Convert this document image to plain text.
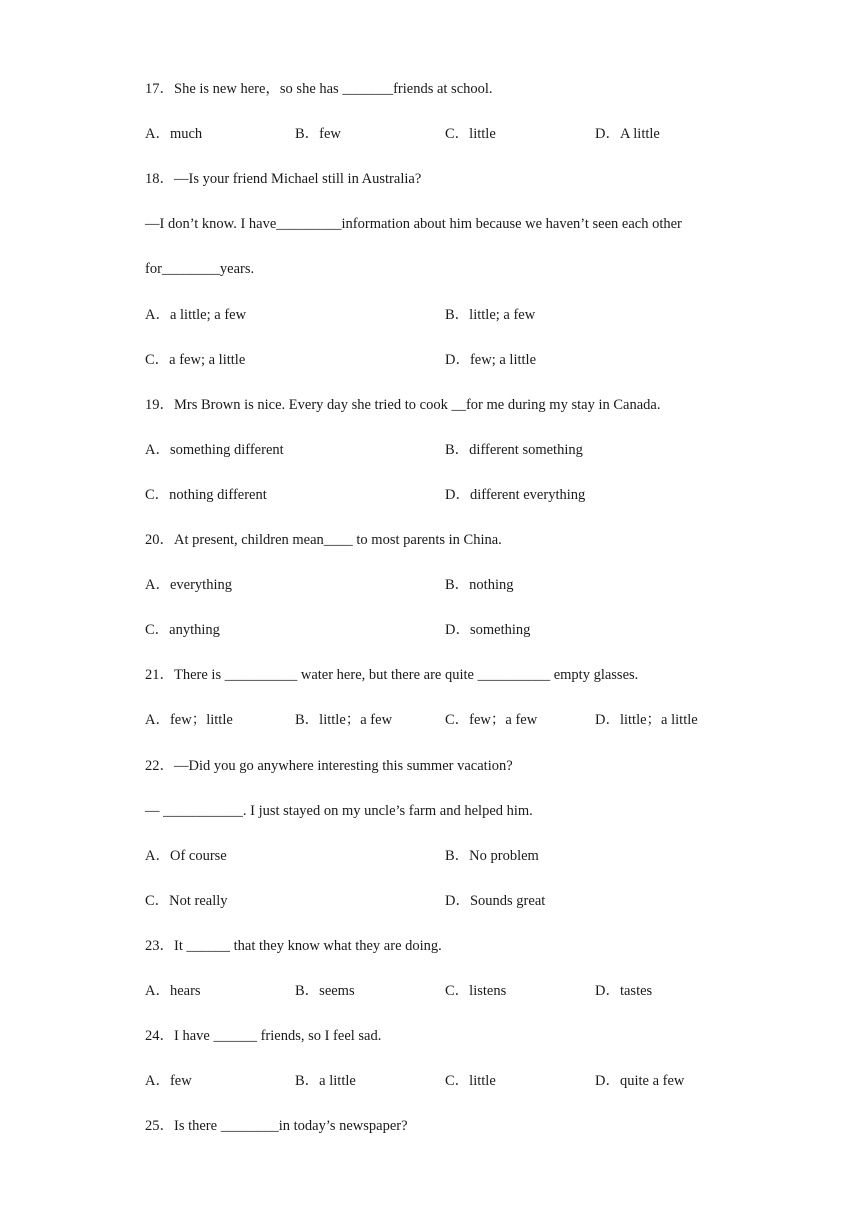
17．She is new here，so she has _______friends at school.
A．much	B．few	C．little	D．A little
18．—Is your friend Michael still in Australia?
—I don’t know. I have_________information about him because we haven’t seen each other
for________years.
A．a little; a few	B．little; a few
C．a few; a little	D．few; a little
19．Mrs Brown is nice. Every day she tried to cook __for me during my stay in Canada.
A．something different	B．different something
C．nothing different	D．different everything
20．At present, children mean____ to most parents in China.
A．everything	B．nothing
C．anything	D．something
21．There is __________ water here, but there are quite __________ empty glasses.
A．few；little	B．little；a few	C．few；a few	D．little；a little
22．—Did you go anywhere interesting this summer vacation?
— ___________. I just stayed on my uncle’s farm and helped him.
A．Of course	B．No problem
C．Not really	D．Sounds great
23．It ______ that they know what they are doing.
A．hears	B．seems	C．listens	D．tastes
24．I have ______ friends, so I feel sad.
A．few	B．a little	C．little	D．quite a few
25．Is there ________in today’s newspaper?
